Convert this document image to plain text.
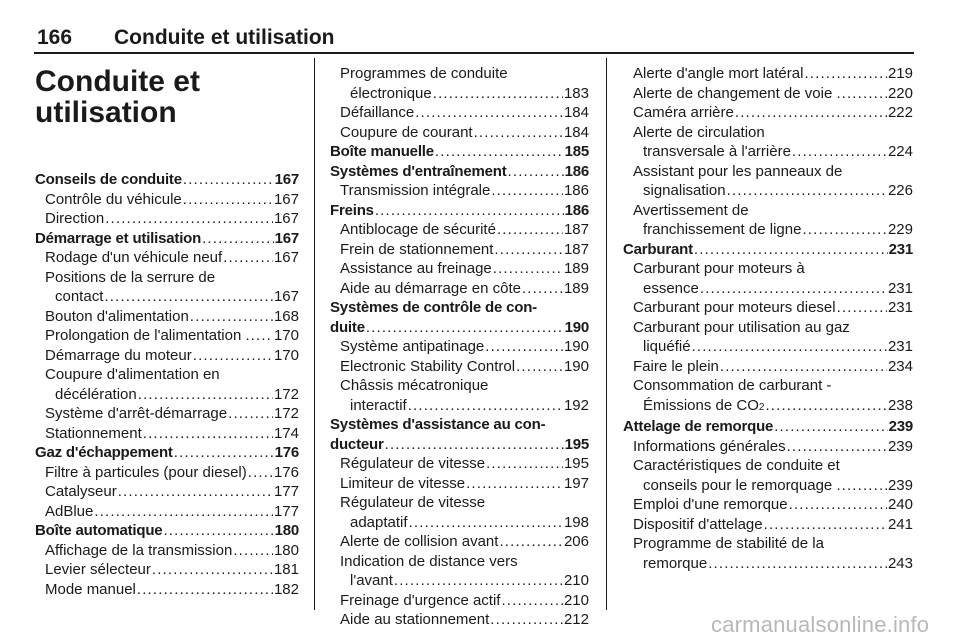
166 Conduite et utilisation
Conduite et
utilisation
Conseils de conduite . . .	167
Contrôle du véhicule . . .	167
Direction . . .	167
Démarrage et utilisation . . .	167
Rodage d'un véhicule neuf . . .	167
Positions de la serrure de
contact . . .	167
Bouton d'alimentation . . .	168
Prolongation de l'alimentation . . . . 170
Démarrage du moteur . . .	170
Coupure d'alimentation en
décélération . . .	172
Système d'arrêt-démarrage . . .	172
Stationnement . . .	174
Gaz d'échappement . . .	176
Filtre à particules (pour diesel) . . . 176
Catalyseur . . .	177
AdBlue . . .	177
Boîte automatique . . .	180
Affichage de la transmission . . .	180
Levier sélecteur . . .	181
Mode manuel . . .	182
Programmes de conduite
électronique . . .	183
Défaillance . . .	184
Coupure de courant . . .	184
Boîte manuelle . . .	185
Systèmes d'entraînement . . .	186
Transmission intégrale . . .	186
Freins . . .	186
Antiblocage de sécurité . . .	187
Frein de stationnement . . .	187
Assistance au freinage . . .	189
Aide au démarrage en côte . . .	189
Systèmes de contrôle de con-
duite . . .	190
Système antipatinage . . .	190
Electronic Stability Control . . .	190
Châssis mécatronique
interactif . . .	192
Systèmes d'assistance au con-
ducteur . . .	195
Régulateur de vitesse . . .	195
Limiteur de vitesse . . .	197
Régulateur de vitesse
adaptatif . . .	198
Alerte de collision avant . . .	206
Indication de distance vers
l'avant . . .	210
Freinage d'urgence actif . . .	210
Aide au stationnement . . .	212
Alerte d'angle mort latéral . . .	219
Alerte de changement de voie . . . .	220
Caméra arrière . . .	222
Alerte de circulation
transversale à l'arrière . . .	224
Assistant pour les panneaux de
signalisation . . .	226
Avertissement de
franchissement de ligne . . .	229
Carburant . . .	231
Carburant pour moteurs à
essence . . .	231
Carburant pour moteurs diesel . . .	231
Carburant pour utilisation au gaz
liquéfié . . .	231
Faire le plein . . .	234
Consommation de carburant -
Émissions de CO 2 . . .	238
Attelage de remorque . . .	239
Informations générales . . .	239
Caractéristiques de conduite et
conseils pour le remorquage . . . .	239
Emploi d'une remorque . . .	240
Dispositif d'attelage . . .	241
Programme de stabilité de la
remorque . . .	243
carmanualsonline.info
